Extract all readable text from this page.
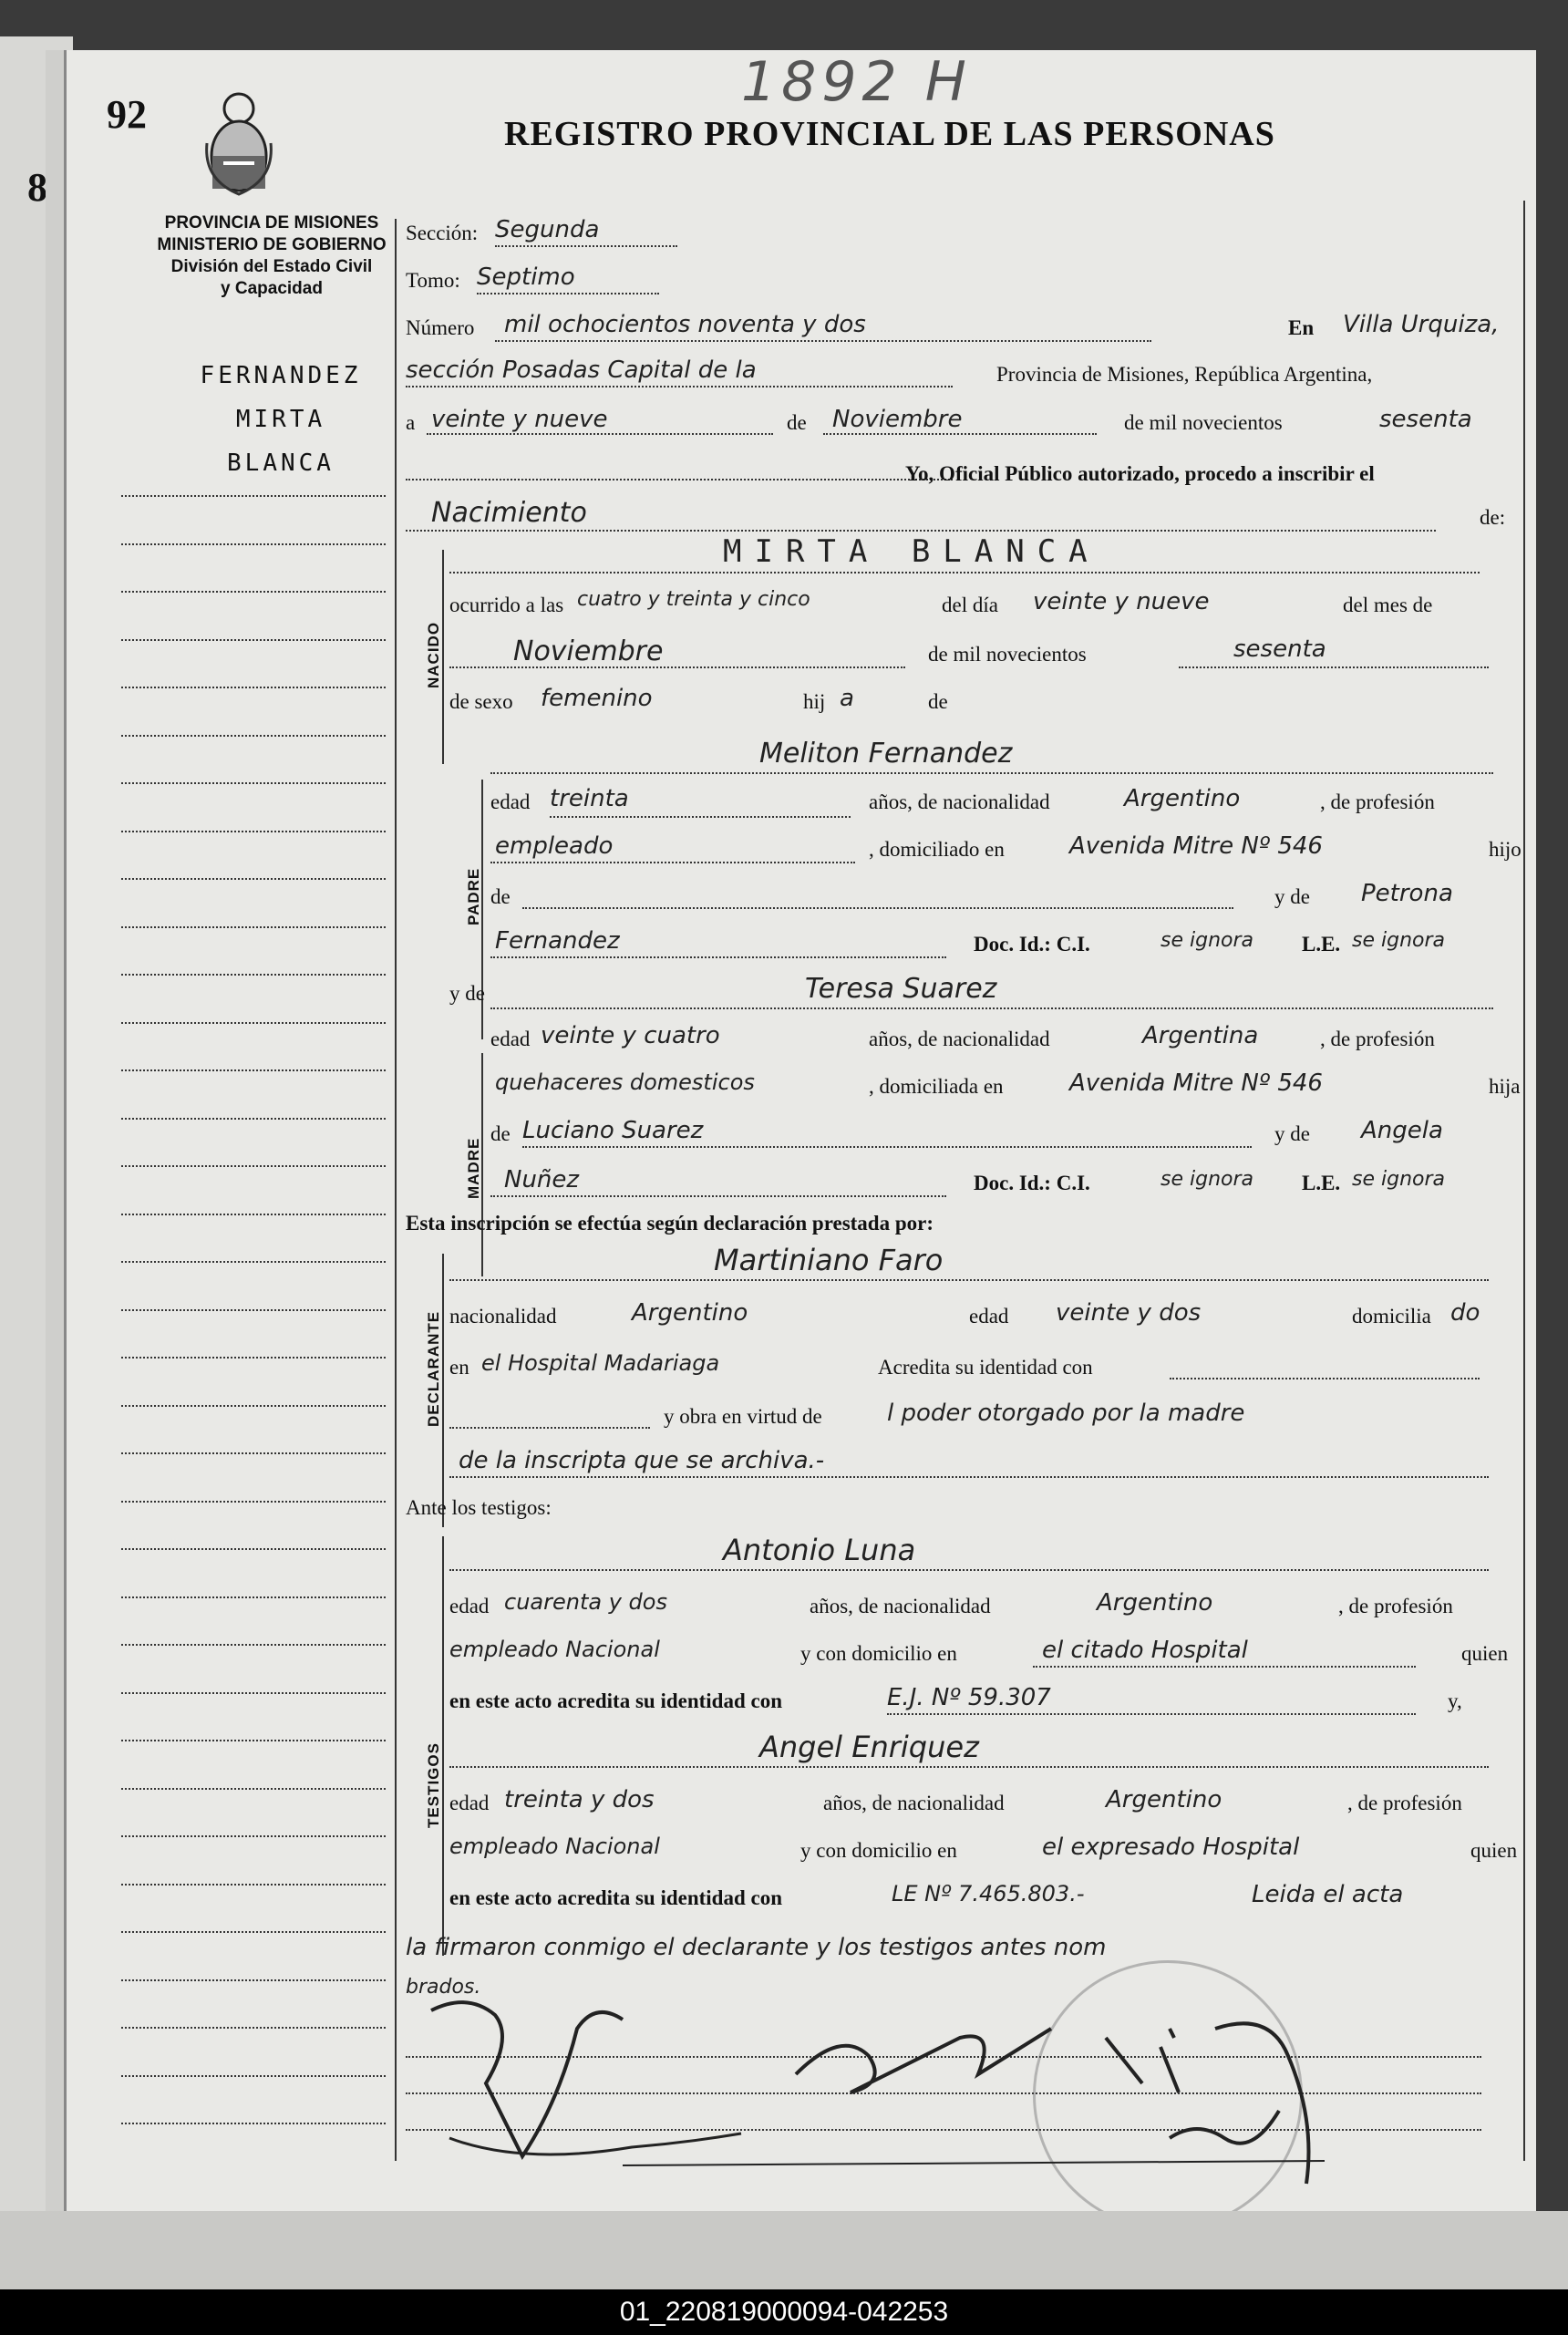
8
92
1892 H
REGISTRO PROVINCIAL DE LAS PERSONAS
PROVINCIA DE MISIONES
MINISTERIO DE GOBIERNO
División del Estado Civil
y Capacidad
FERNANDEZ
MIRTA
BLANCA
Sección: Segunda
Tomo: Septimo
Número mil ochocientos noventa y dos	En Villa Urquiza,
sección Posadas Capital de la	Provincia de Misiones, República Argentina,
a veinte y nueve	de Noviembre	de mil novecientos	sesenta
Yo, Oficial Público autorizado, procedo a inscribir el
Nacimiento	de:
NACIDO
MIRTA BLANCA
ocurrido a las cuatro y treinta y cinco	del día veinte y nueve	del mes de
Noviembre	de mil novecientos	sesenta
de sexo femenino	hij a	de
PADRE
Meliton Fernandez
edad treinta	años, de nacionalidad	Argentino	, de profesión
empleado	, domiciliado en	Avenida Mitre Nº 546	hijo
de	y de Petrona
Fernandez	Doc. Id.: C.I.	se ignora L.E. se ignora
MADRE
y de	Teresa Suarez
edad veinte y cuatro	años, de nacionalidad	Argentina	, de profesión
quehaceres domesticos	, domiciliada en	Avenida Mitre Nº 546	hija
de Luciano Suarez	y de Angela
Nuñez	Doc. Id.: C.I.	se ignora L.E. se ignora
Esta inscripción se efectúa según declaración prestada por:
DECLARANTE
Martiniano Faro
nacionalidad	Argentino	edad veinte y dos	domicilia do
en el Hospital Madariaga	Acredita su identidad con
y obra en virtud de	l poder otorgado por la madre
de la inscripta que se archiva.-
Ante los testigos:
TESTIGOS
Antonio Luna
edad cuarenta y dos	años, de nacionalidad	Argentino	, de profesión
empleado Nacional	y con domicilio en	el citado Hospital	quien
en este acto acredita su identidad con	E.J. Nº 59.307	y,
Angel Enriquez
edad treinta y dos	años, de nacionalidad	Argentino	, de profesión
empleado Nacional	y con domicilio en	el expresado Hospital	quien
en este acto acredita su identidad con	LE Nº 7.465.803.-	Leida el acta
la firmaron conmigo el declarante y los testigos antes nom
brados.
01_220819000094-042253
